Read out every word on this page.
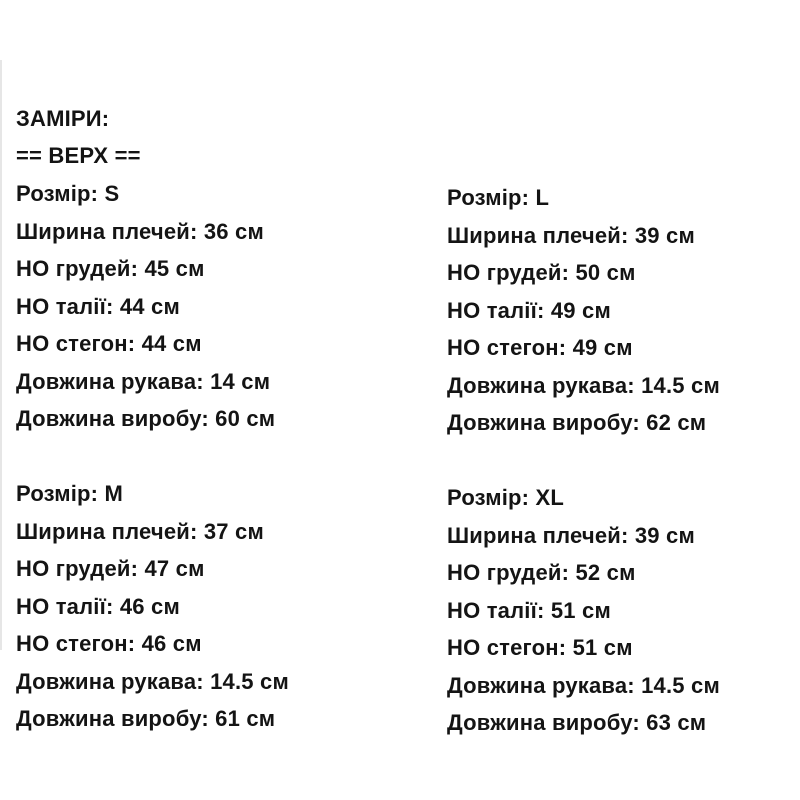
ЗАМІРИ:
== ВЕРХ ==
Розмір: S
Ширина плечей: 36 см
НО грудей: 45 см
НО талії: 44 см
НО стегон: 44 см
Довжина рукава: 14 см
Довжина виробу: 60 см
Розмір: M
Ширина плечей: 37 см
НО грудей: 47 см
НО талії: 46 см
НО стегон: 46 см
Довжина рукава: 14.5 см
Довжина виробу: 61 см
Розмір: L
Ширина плечей: 39 см
НО грудей: 50 см
НО талії: 49 см
НО стегон: 49 см
Довжина рукава: 14.5 см
Довжина виробу: 62 см
Розмір: XL
Ширина плечей: 39 см
НО грудей: 52 см
НО талії: 51 см
НО стегон: 51 см
Довжина рукава: 14.5 см
Довжина виробу: 63 см
